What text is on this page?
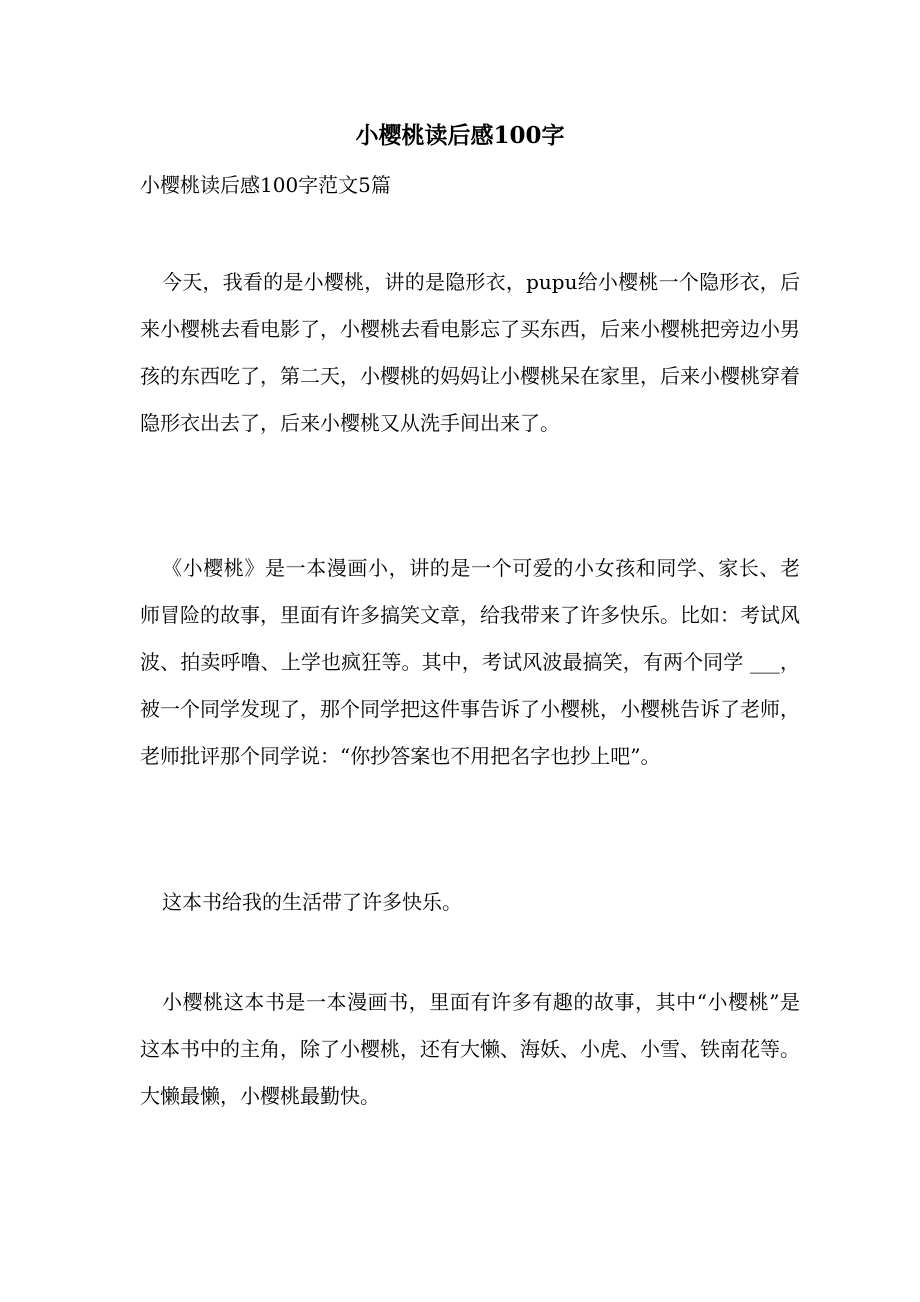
小樱桃读后感100字

小樱桃读后感100字范文5篇

今天，我看的是小樱桃，讲的是隐形衣，pupu给小樱桃一个隐形衣，后来小樱桃去看电影了，小樱桃去看电影忘了买东西，后来小樱桃把旁边小男孩的东西吃了，第二天，小樱桃的妈妈让小樱桃呆在家里，后来小樱桃穿着隐形衣出去了，后来小樱桃又从洗手间出来了。

《小樱桃》是一本漫画小，讲的是一个可爱的小女孩和同学、家长、老师冒险的故事，里面有许多搞笑文章，给我带来了许多快乐。比如：考试风波、拍卖呼噜、上学也疯狂等。其中，考试风波最搞笑，有两个同学 ___，被一个同学发现了，那个同学把这件事告诉了小樱桃，小樱桃告诉了老师，老师批评那个同学说：“你抄答案也不用把名字也抄上吧”。

这本书给我的生活带了许多快乐。

小樱桃这本书是一本漫画书，里面有许多有趣的故事，其中“小樱桃”是这本书中的主角，除了小樱桃，还有大懒、海妖、小虎、小雪、铁南花等。大懒最懒，小樱桃最勤快。
